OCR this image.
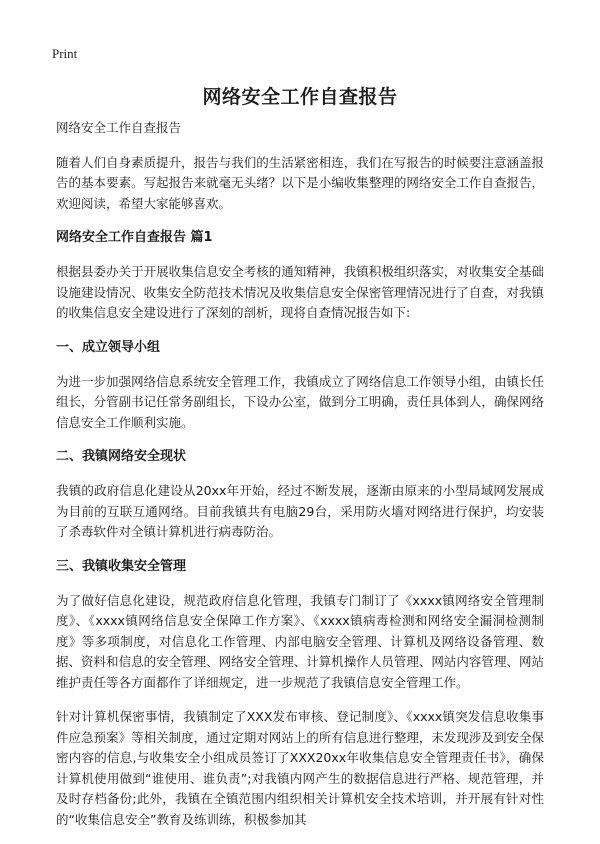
Print
网络安全工作自查报告

网络安全工作自查报告

随着人们自身素质提升，报告与我们的生活紧密相连，我们在写报告的时候要注意涵盖报告的基本要素。写起报告来就毫无头绪？以下是小编收集整理的网络安全工作自查报告，欢迎阅读，希望大家能够喜欢。

网络安全工作自查报告 篇1

根据县委办关于开展收集信息安全考核的通知精神，我镇积极组织落实，对收集安全基础设施建设情况、收集安全防范技术情况及收集信息安全保密管理情况进行了自查，对我镇的收集信息安全建设进行了深刻的剖析，现将自查情况报告如下:

一、成立领导小组

为进一步加强网络信息系统安全管理工作，我镇成立了网络信息工作领导小组，由镇长任组长，分管副书记任常务副组长，下设办公室，做到分工明确，责任具体到人，确保网络信息安全工作顺利实施。

二、我镇网络安全现状

我镇的政府信息化建设从20xx年开始，经过不断发展，逐渐由原来的小型局域网发展成为目前的互联互通网络。目前我镇共有电脑29台，采用防火墙对网络进行保护，均安装了杀毒软件对全镇计算机进行病毒防治。

三、我镇收集安全管理

为了做好信息化建设，规范政府信息化管理，我镇专门制订了《xxxx镇网络安全管理制度》、《xxxx镇网络信息安全保障工作方案》、《xxxx镇病毒检测和网络安全漏洞检测制度》等多项制度，对信息化工作管理、内部电脑安全管理、计算机及网络设备管理、数据、资料和信息的安全管理、网络安全管理、计算机操作人员管理、网站内容管理、网站维护责任等各方面都作了详细规定，进一步规范了我镇信息安全管理工作。

针对计算机保密事情，我镇制定了XXX发布审核、登记制度》、《xxxx镇突发信息收集事件应急预案》等相关制度，通过定期对网站上的所有信息进行整理，未发现涉及到安全保密内容的信息,与收集安全小组成员签订了XXX20xx年收集信息安全管理责任书》，确保计算机使用做到“谁使用、谁负责”;对我镇内网产生的数据信息进行严格、规范管理，并及时存档备份;此外，我镇在全镇范围内组织相关计算机安全技术培训，并开展有针对性的“收集信息安全”教育及练训练，积极参加其
